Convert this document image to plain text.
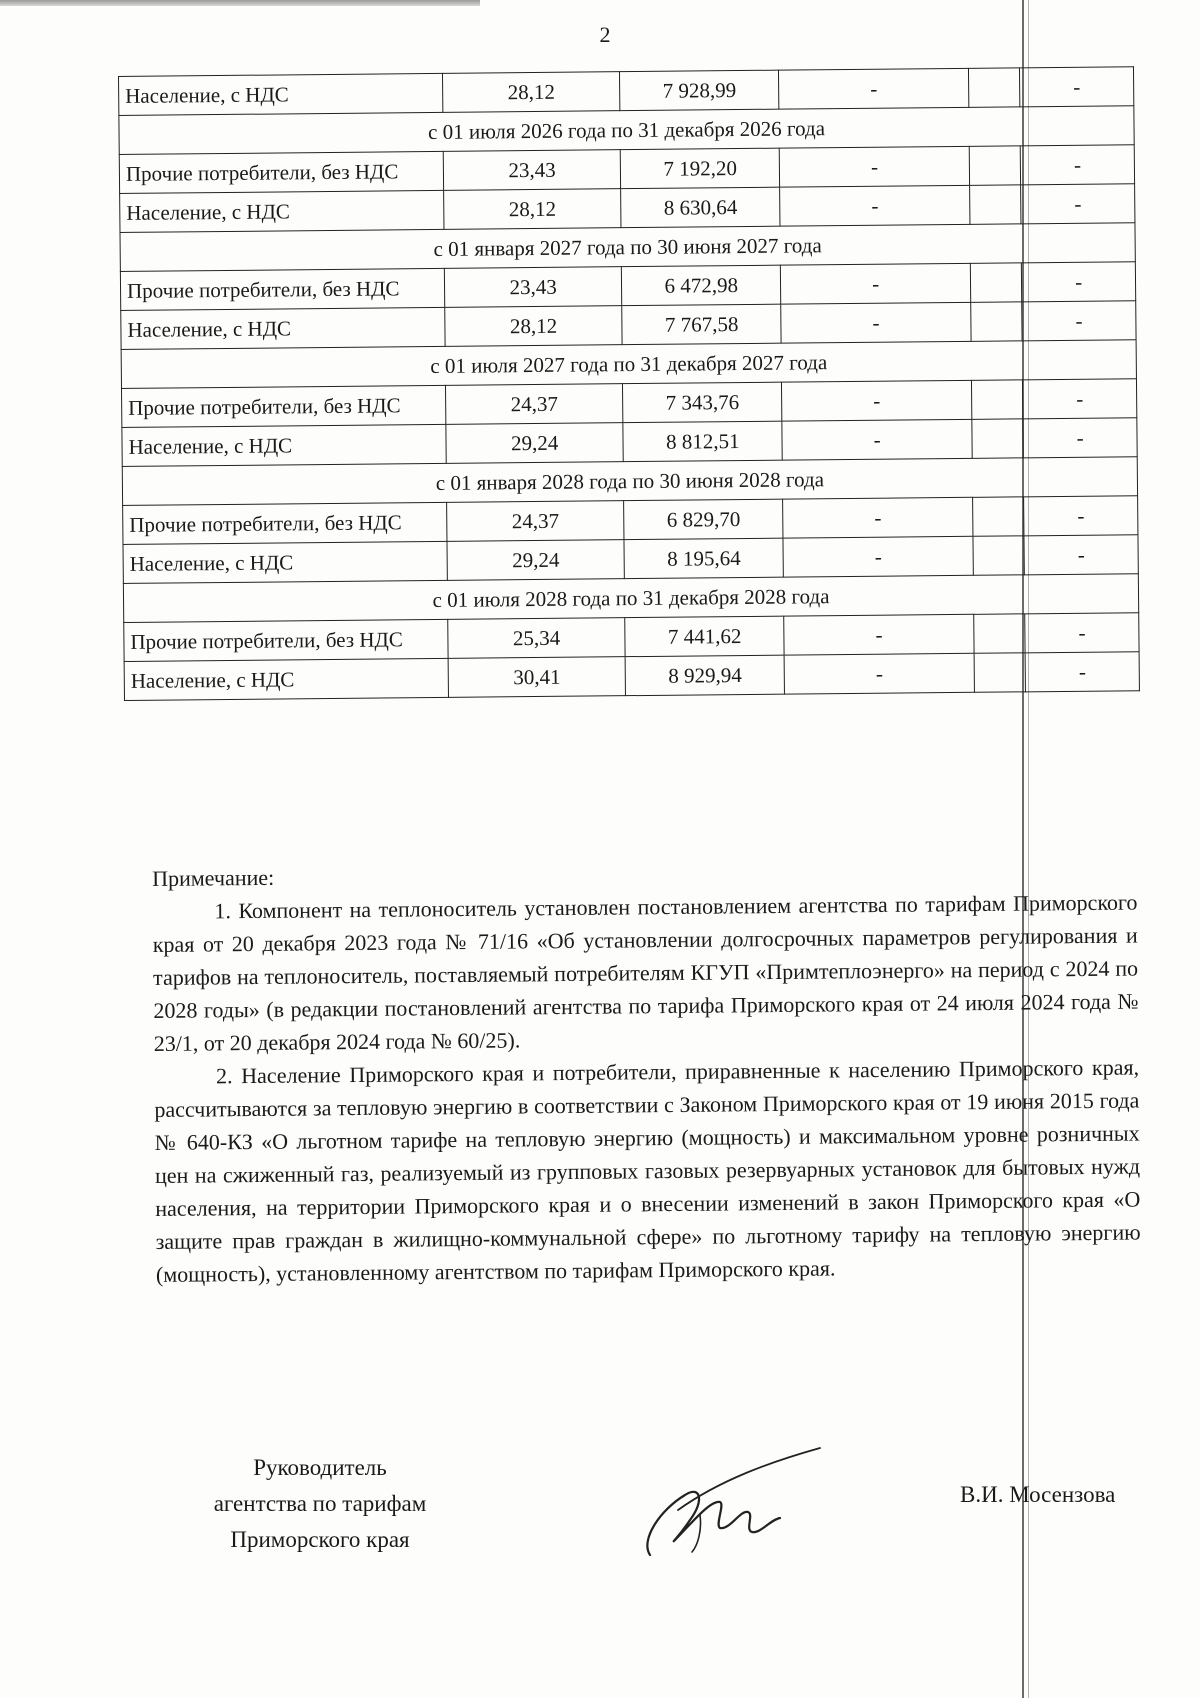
2
Население, с НДС	28,12	7 928,99	-		-
с 01 июля 2026 года по 31 декабря 2026 года					
Прочие потребители, без НДС	23,43	7 192,20	-		-
Население, с НДС	28,12	8 630,64	-		-
с 01 января 2027 года по 30 июня 2027 года					
Прочие потребители, без НДС	23,43	6 472,98	-		-
Население, с НДС	28,12	7 767,58	-		-
с 01 июля 2027 года по 31 декабря 2027 года					
Прочие потребители, без НДС	24,37	7 343,76	-		-
Население, с НДС	29,24	8 812,51	-		-
с 01 января 2028 года по 30 июня 2028 года					
Прочие потребители, без НДС	24,37	6 829,70	-		-
Население, с НДС	29,24	8 195,64	-		-
с 01 июля 2028 года по 31 декабря 2028 года					
Прочие потребители, без НДС	25,34	7 441,62	-		-
Население, с НДС	30,41	8 929,94	-		-

Примечание:

1. Компонент на теплоноситель установлен постановлением агентства по тарифам Приморского края от 20 декабря 2023 года № 71/16 «Об установлении долгосрочных параметров регулирования и тарифов на теплоноситель, поставляемый потребителям КГУП «Примтеплоэнерго» на период с 2024 по 2028 годы» (в редакции постановлений агентства по тарифа Приморского края от 24 июля 2024 года № 23/1, от 20 декабря 2024 года № 60/25).

2. Население Приморского края и потребители, приравненные к населению Приморского края, рассчитываются за тепловую энергию в соответствии с Законом Приморского края от 19 июня 2015 года № 640-КЗ «О льготном тарифе на тепловую энергию (мощность) и максимальном уровне розничных цен на сжиженный газ, реализуемый из групповых газовых резервуарных установок для бытовых нужд населения, на территории Приморского края и о внесении изменений в закон Приморского края «О защите прав граждан в жилищно-коммунальной сфере» по льготному тарифу на тепловую энергию (мощность), установленному агентством по тарифам Приморского края.

Руководитель
агентства по тарифам
Приморского края
В.И. Мосензова
